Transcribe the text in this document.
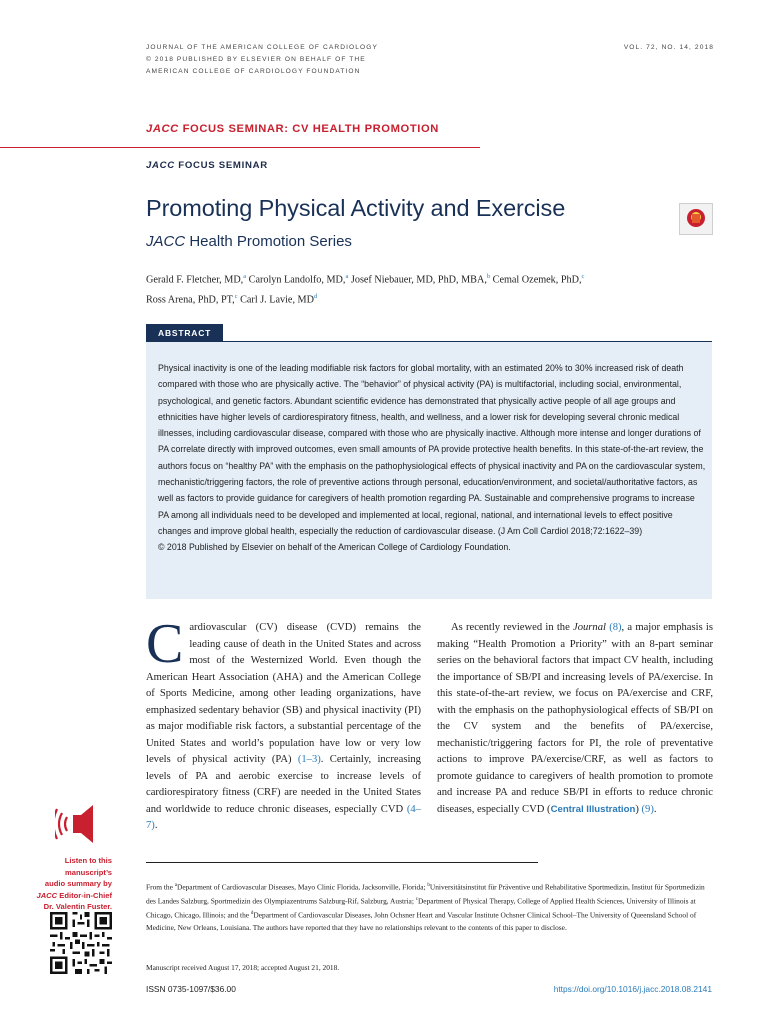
JOURNAL OF THE AMERICAN COLLEGE OF CARDIOLOGY
© 2018 PUBLISHED BY ELSEVIER ON BEHALF OF THE
AMERICAN COLLEGE OF CARDIOLOGY FOUNDATION
VOL. 72, NO. 14, 2018
JACC FOCUS SEMINAR: CV HEALTH PROMOTION
JACC FOCUS SEMINAR
Promoting Physical Activity and Exercise
JACC Health Promotion Series
Gerald F. Fletcher, MD,$^a$ Carolyn Landolfo, MD,$^a$ Josef Niebauer, MD, PhD, MBA,$^b$ Cemal Ozemek, PhD,$^c$
Ross Arena, PhD, PT,$^c$ Carl J. Lavie, $MD^d$
ABSTRACT
Physical inactivity is one of the leading modifiable risk factors for global mortality, with an estimated 20% to 30% increased risk of death compared with those who are physically active. The “behavior” of physical activity (PA) is multifactorial, including social, environmental, psychological, and genetic factors. Abundant scientific evidence has demonstrated that physically active people of all age groups and ethnicities have higher levels of cardiorespiratory fitness, health, and wellness, and a lower risk for developing several chronic medical illnesses, including cardiovascular disease, compared with those who are physically inactive. Although more intense and longer durations of PA correlate directly with improved outcomes, even small amounts of PA provide protective health benefits. In this state-of-the-art review, the authors focus on “healthy PA” with the emphasis on the pathophysiological effects of physical inactivity and PA on the cardiovascular system, mechanistic/triggering factors, the role of preventive actions through personal, education/environment, and societal/authoritative factors, as well as factors to provide guidance for caregivers of health promotion regarding PA. Sustainable and comprehensive programs to increase PA among all individuals need to be developed and implemented at local, regional, national, and international levels to effect positive changes and improve global health, especially the reduction of cardiovascular disease. (J Am Coll Cardiol 2018;72:1622–39)
© 2018 Published by Elsevier on behalf of the American College of Cardiology Foundation.
Cardiovascular (CV) disease (CVD) remains the leading cause of death in the United States and across most of the Westernized World. Even though the American Heart Association (AHA) and the American College of Sports Medicine, among other leading organizations, have emphasized sedentary behavior (SB) and physical inactivity (PI) as major modifiable risk factors, a substantial percentage of the United States and world’s population have low or very low levels of physical activity (PA) (1–3). Certainly, increasing levels of PA and aerobic exercise to increase levels of cardiorespiratory fitness (CRF) are needed in the United States and worldwide to reduce chronic diseases, especially CVD (4–7).
As recently reviewed in the Journal (8), a major emphasis is making “Health Promotion a Priority” with an 8-part seminar series on the behavioral factors that impact CV health, including the importance of SB/PI and increasing levels of PA/exercise. In this state-of-the-art review, we focus on PA/exercise and CRF, with the emphasis on the pathophysiological effects of SB/PI on the CV system and the benefits of PA/exercise, mechanistic/triggering factors for PI, the role of preventative actions to improve PA/exercise/CRF, as well as factors to promote guidance to caregivers of health promotion to promote and increase PA and reduce SB/PI in efforts to reduce chronic diseases, especially CVD (Central Illustration) (9).
Listen to this manuscript’s
audio summary by
JACC Editor-in-Chief
Dr. Valentin Fuster.
From the $^a$Department of Cardiovascular Diseases, Mayo Clinic Florida, Jacksonville, Florida; $^b$Universitätsinstitut für Präventive und Rehabilitative Sportmedizin, Institut für Sportmedizin des Landes Salzburg, Sportmedizin des Olympiazentrums Salzburg-Rif, Salzburg, Austria; $^c$Department of Physical Therapy, College of Applied Health Sciences, University of Illinois at Chicago, Chicago, Illinois; and the $^d$Department of Cardiovascular Diseases, John Ochsner Heart and Vascular Institute Ochsner Clinical School–The University of Queensland School of Medicine, New Orleans, Louisiana. The authors have reported that they have no relationships relevant to the contents of this paper to disclose.
Manuscript received August 17, 2018; accepted August 21, 2018.
ISSN 0735-1097/$36.00	https://doi.org/10.1016/j.jacc.2018.08.2141
